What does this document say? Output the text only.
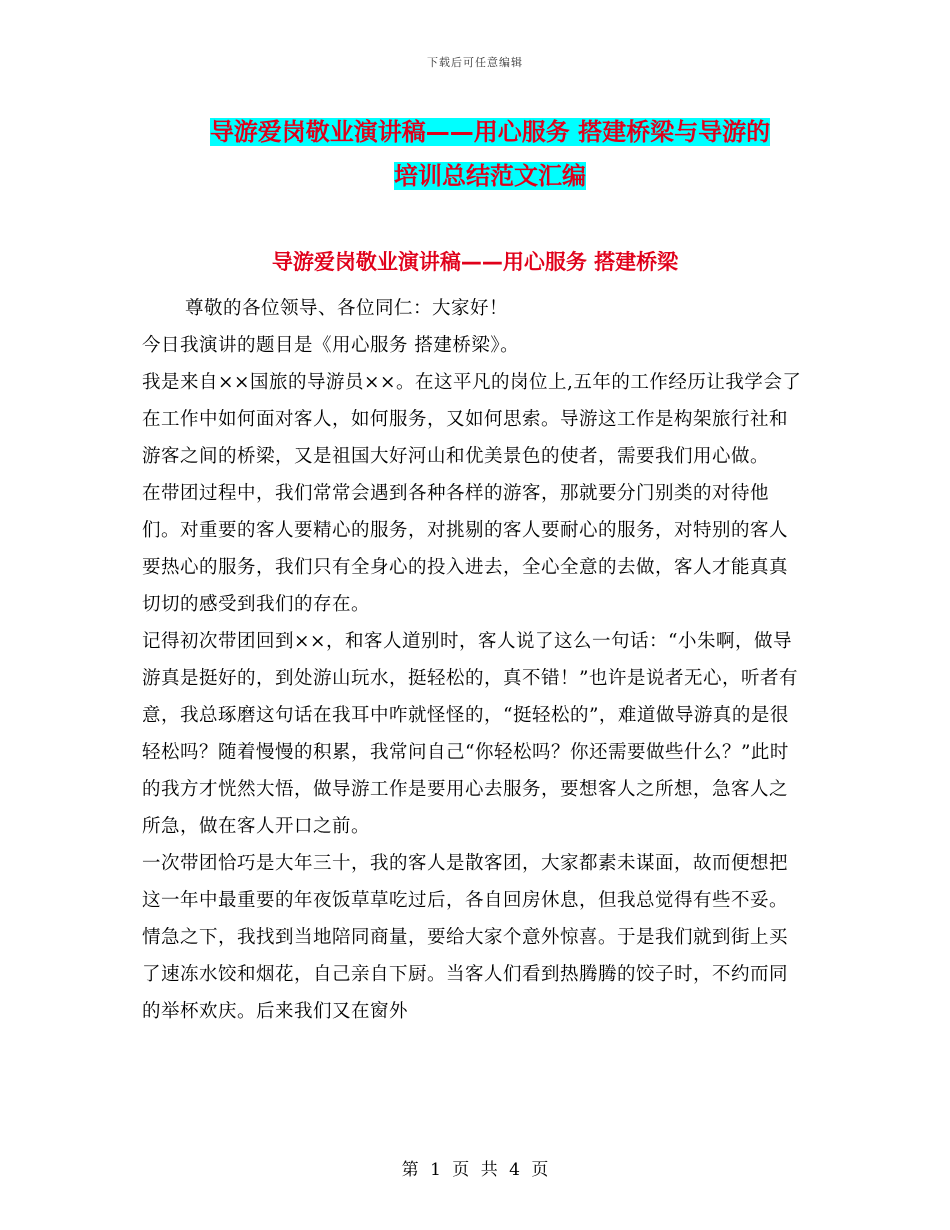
下载后可任意编辑
导游爱岗敬业演讲稿——用心服务 搭建桥梁与导游的
培训总结范文汇编
导游爱岗敬业演讲稿——用心服务 搭建桥梁

尊敬的各位领导、各位同仁：大家好！

今日我演讲的题目是《用心服务 搭建桥梁》。

我是来自××国旅的导游员××。在这平凡的岗位上,五年的工作经历让我学会了在工作中如何面对客人，如何服务，又如何思索。导游这工作是构架旅行社和游客之间的桥梁，又是祖国大好河山和优美景色的使者，需要我们用心做。

在带团过程中，我们常常会遇到各种各样的游客，那就要分门别类的对待他们。对重要的客人要精心的服务，对挑剔的客人要耐心的服务，对特别的客人要热心的服务，我们只有全身心的投入进去，全心全意的去做，客人才能真真切切的感受到我们的存在。

记得初次带团回到××，和客人道别时，客人说了这么一句话：“小朱啊，做导游真是挺好的，到处游山玩水，挺轻松的，真不错！”也许是说者无心，听者有意，我总琢磨这句话在我耳中咋就怪怪的，“挺轻松的”，难道做导游真的是很轻松吗？随着慢慢的积累，我常问自己“你轻松吗？你还需要做些什么？”此时的我方才恍然大悟，做导游工作是要用心去服务，要想客人之所想，急客人之所急，做在客人开口之前。

一次带团恰巧是大年三十，我的客人是散客团，大家都素未谋面，故而便想把这一年中最重要的年夜饭草草吃过后，各自回房休息，但我总觉得有些不妥。情急之下，我找到当地陪同商量，要给大家个意外惊喜。于是我们就到街上买了速冻水饺和烟花，自己亲自下厨。当客人们看到热腾腾的饺子时，不约而同的举杯欢庆。后来我们又在窗外

第 1 页 共 4 页
